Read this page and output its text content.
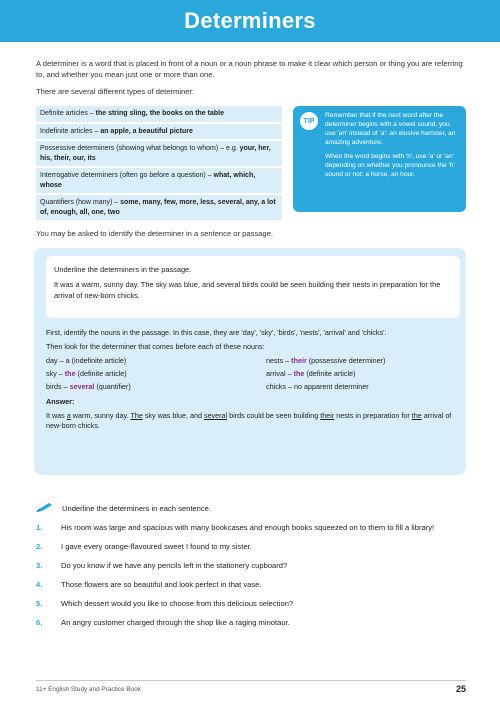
Determiners

A determiner is a word that is placed in front of a noun or a noun phrase to make it clear which person or thing you are referring to, and whether you mean just one or more than one.

There are several different types of determiner:

Definite articles – the string sling, the books on the table
Indefinite articles – an apple, a beautiful picture
Possessive determiners (showing what belongs to whom) – e.g. your, her, his, their, our, its
Interrogative determiners (often go before a question) – what, which, whose
Quantifiers (how many) – some, many, few, more, less, several, any, a lot of, enough, all, one, two
TIP

Remember that if the next word after the determiner begins with a vowel sound, you use 'an' instead of 'a': an elusive hamster, an amazing adventure.

When the word begins with 'h', use 'a' or 'an' depending on whether you pronounce the 'h' sound or not: a horse, an hour.

You may be asked to identify the determiner in a sentence or passage.

Underline the determiners in the passage.

It was a warm, sunny day. The sky was blue, and several birds could be seen building their nests in preparation for the arrival of new-born chicks.

First, identify the nouns in the passage. In this case, they are 'day', 'sky', 'birds', 'nests', 'arrival' and 'chicks'.

Then look for the determiner that comes before each of these nouns:

day – a (indefinite article)	nests – their (possessive determiner)
sky – the (definite article)	arrival – the (definite article)
birds – several (quantifier)	chicks – no apparent determiner
Answer:

It was a warm, sunny day. The sky was blue, and several birds could be seen building their nests in preparation for the arrival of new-born chicks.

Underline the determiners in each sentence.
1.	His room was large and spacious with many bookcases and enough books squeezed on to them to fill a library!
2.	I gave every orange-flavoured sweet I found to my sister.
3.	Do you know if we have any pencils left in the stationery cupboard?
4.	Those flowers are so beautiful and look perfect in that vase.
5.	Which dessert would you like to choose from this delicious selection?
6.	An angry customer charged through the shop like a raging minotaur.
11+ English Study and Practice Book	25
